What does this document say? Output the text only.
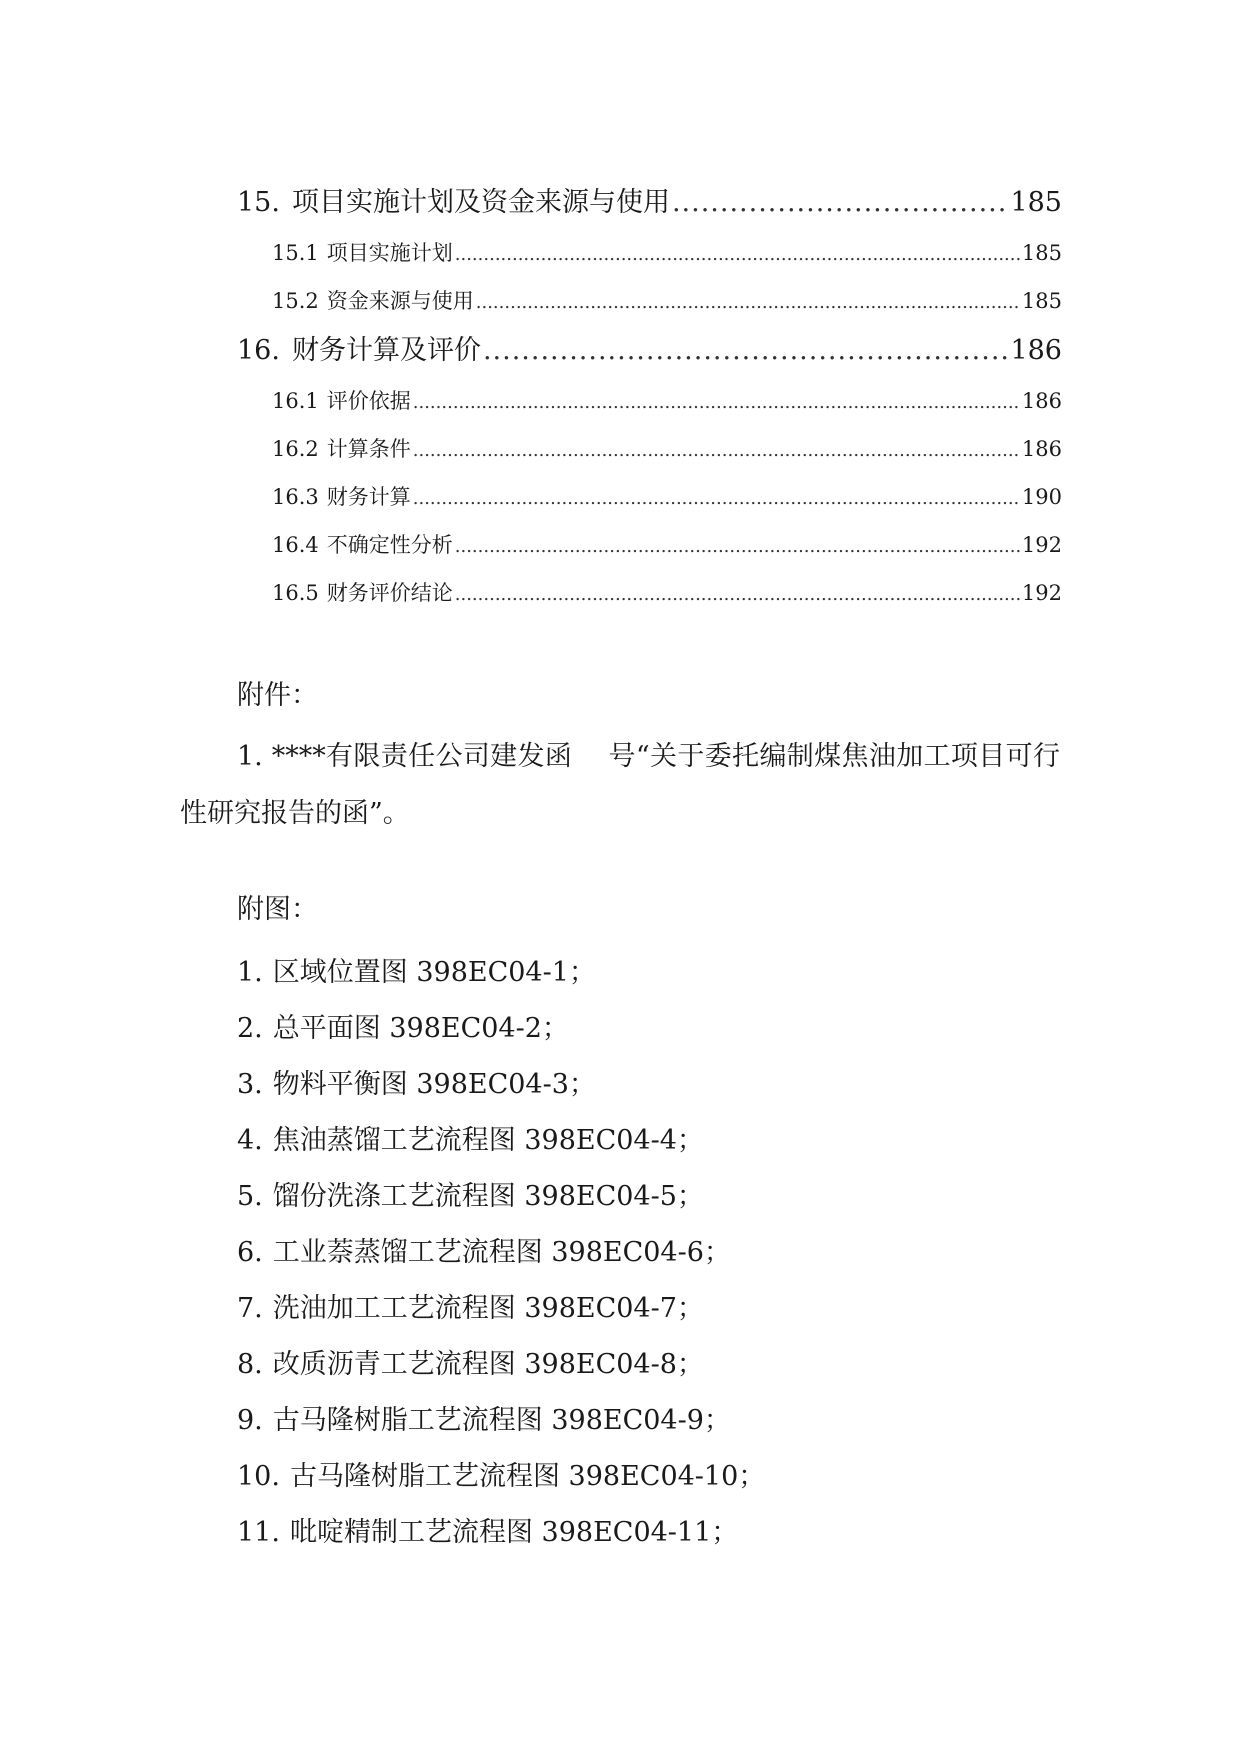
15. 项目实施计划及资金来源与使用 .....	185
15.1 项目实施计划 .....	185
15.2 资金来源与使用 .....	185
16. 财务计算及评价 .....	186
16.1 评价依据 .....	186
16.2 计算条件 .....	186
16.3 财务计算 .....	190
16.4 不确定性分析 .....	192
16.5 财务评价结论 .....	192
附件：
1. ****有限责任公司建发函　 号“关于委托编制煤焦油加工项目可行性研究报告的函”。
附图：
1. 区域位置图 398EC04-1；
2. 总平面图 398EC04-2；
3. 物料平衡图 398EC04-3；
4. 焦油蒸馏工艺流程图 398EC04-4；
5. 馏份洗涤工艺流程图 398EC04-5；
6. 工业萘蒸馏工艺流程图 398EC04-6；
7. 洗油加工工艺流程图 398EC04-7；
8. 改质沥青工艺流程图 398EC04-8；
9. 古马隆树脂工艺流程图 398EC04-9；
10. 古马隆树脂工艺流程图 398EC04-10；
11. 吡啶精制工艺流程图 398EC04-11；
